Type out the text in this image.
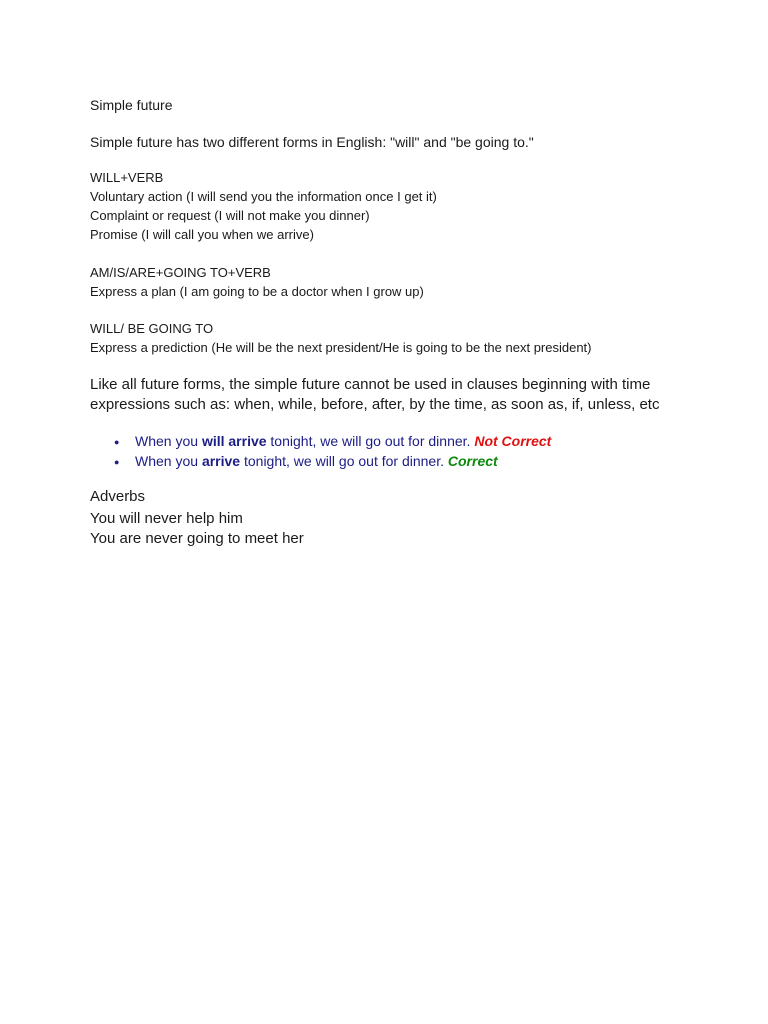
Simple future
Simple future has two different forms in English: "will" and "be going to."
WILL+VERB
Voluntary action (I will send you the information once I get it)
Complaint or request (I will not make you dinner)
Promise (I will call you when we arrive)
AM/IS/ARE+GOING TO+VERB
Express a plan (I am going to be a doctor when I grow up)
WILL/ BE GOING TO
Express a prediction (He will be the next president/He is going to be the next president)
Like all future forms, the simple future cannot be used in clauses beginning with time
expressions such as: when, while, before, after, by the time, as soon as, if, unless, etc
● When you will arrive tonight, we will go out for dinner. Not Correct
● When you arrive tonight, we will go out for dinner. Correct
Adverbs
You will never help him
You are never going to meet her
